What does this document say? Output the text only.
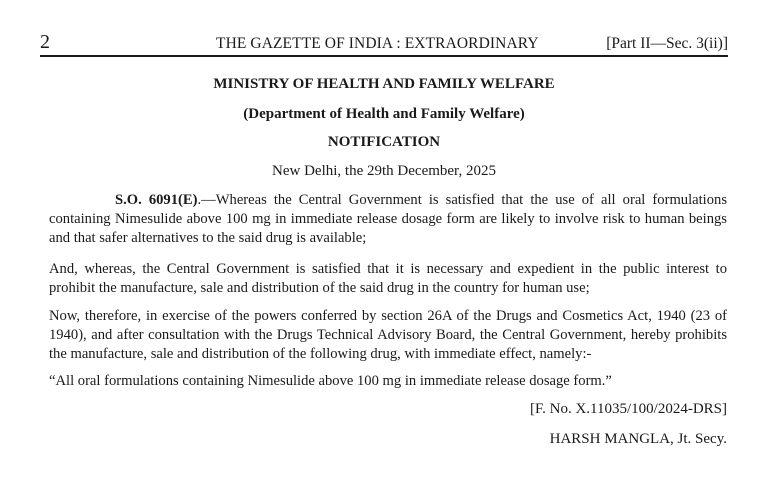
2	THE GAZETTE OF INDIA : EXTRAORDINARY	[Part II—Sec. 3(ii)]
MINISTRY OF HEALTH AND FAMILY WELFARE
(Department of Health and Family Welfare)
NOTIFICATION
New Delhi, the 29th December, 2025
S.O. 6091(E).—Whereas the Central Government is satisfied that the use of all oral formulations containing Nimesulide above 100 mg in immediate release dosage form are likely to involve risk to human beings and that safer alternatives to the said drug is available;
And, whereas, the Central Government is satisfied that it is necessary and expedient in the public interest to prohibit the manufacture, sale and distribution of the said drug in the country for human use;
Now, therefore, in exercise of the powers conferred by section 26A of the Drugs and Cosmetics Act, 1940 (23 of 1940), and after consultation with the Drugs Technical Advisory Board, the Central Government, hereby prohibits the manufacture, sale and distribution of the following drug, with immediate effect, namely:-
“All oral formulations containing Nimesulide above 100 mg in immediate release dosage form.”
[F. No. X.11035/100/2024-DRS]
HARSH MANGLA, Jt. Secy.
